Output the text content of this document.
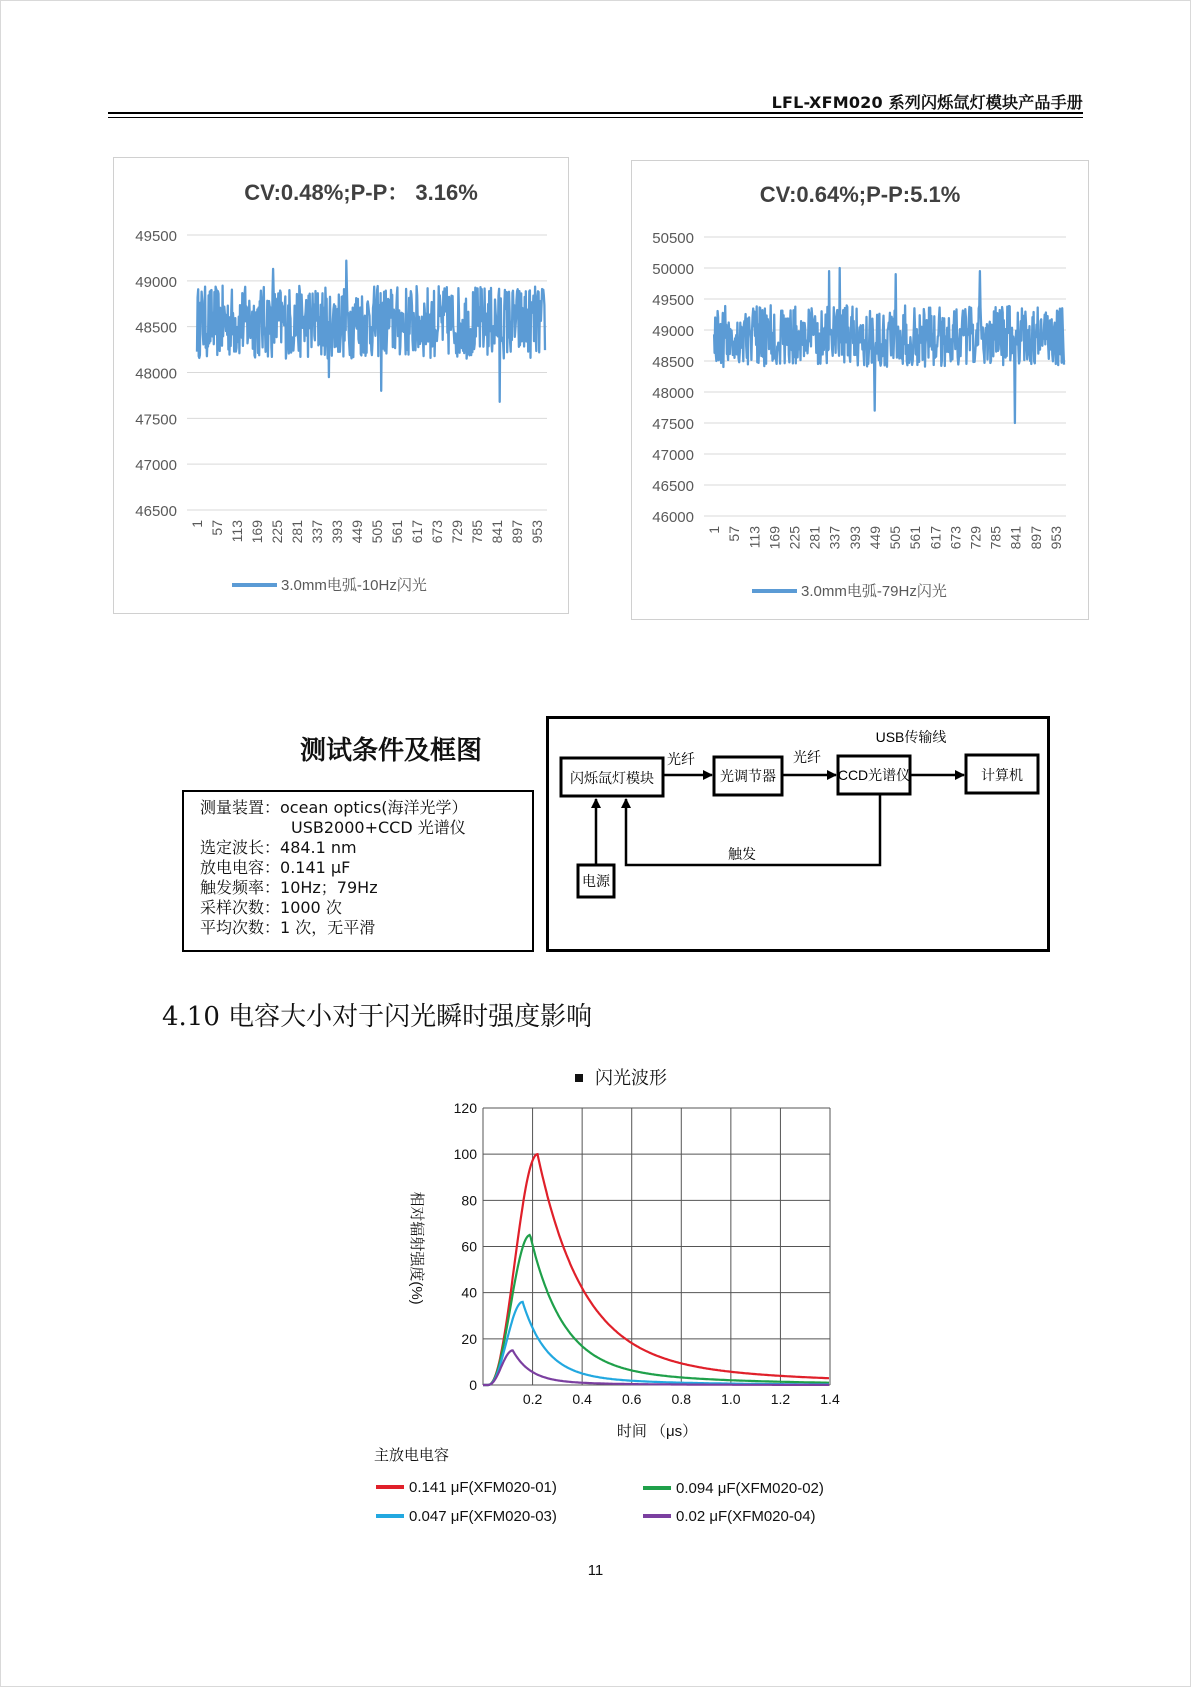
LFL-XFM020 系列闪烁氙灯模块产品手册
CV:0.48%;P-P： 3.16%
49500
49000
48500
48000
47500
47000
46500
1 57 113 169 225 281 337 393 449 505 561 617 673 729 785 841 897 953
3.0mm电弧-10Hz闪光
CV:0.64%;P-P:5.1%
50500
50000
49500
49000
48500
48000
47500
47000
46500
46000
1 57 113 169 225 281 337 393 449 505 561 617 673 729 785 841 897 953
3.0mm电弧-79Hz闪光
测试条件及框图
测量装置： ocean optics(海洋光学）
USB2000+CCD 光谱仪
选定波长： 484.1 nm
放电电容： 0.141 μF
触发频率： 10Hz；79Hz
采样次数： 1000 次
平均次数： 1 次，无平滑
USB传输线
闪烁氙灯模块	光调节器	CCD光谱仪	计算机
光纤	光纤
触发
电源
4.10 电容大小对于闪光瞬时强度影响
闪光波形
120
100
80
60
40
20
0
0.2 0.4 0.6 0.8 1.0 1.2 1.4
时间 （μs）
相对辐射强度(%)
主放电电容
0.141 μF(XFM020-01)	0.094 μF(XFM020-02)
0.047 μF(XFM020-03)	0.02 μF(XFM020-04)
11
